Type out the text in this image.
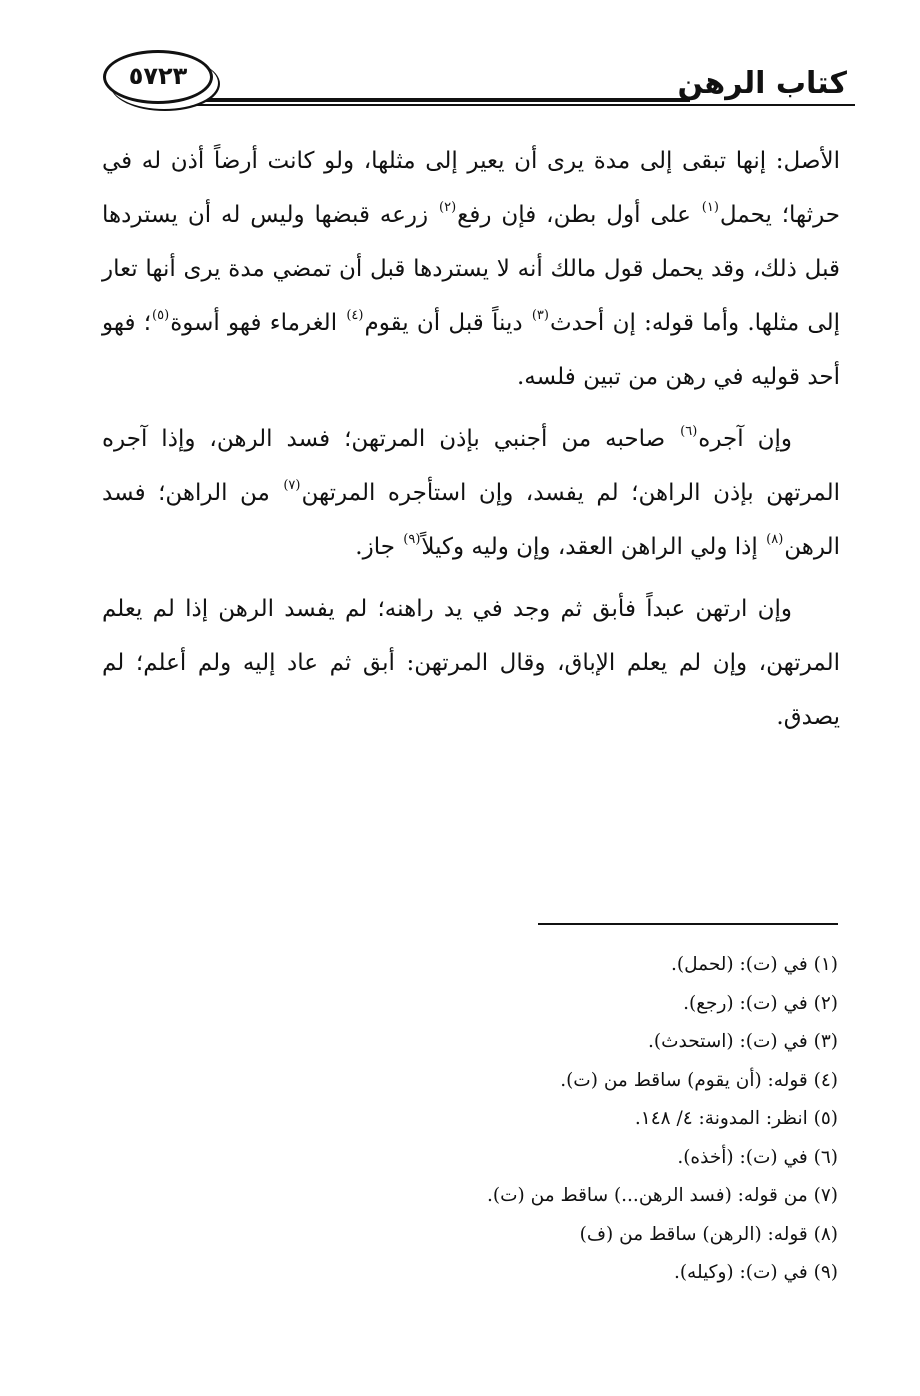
٥٧٢٣	كتاب الرهن

الأصل: إنها تبقى إلى مدة يرى أن يعير إلى مثلها، ولو كانت أرضاً أذن له في حرثها؛ يحمل$^{(١)}$ على أول بطن، فإن رفع$^{(٢)}$ زرعه قبضها وليس له أن يستردها قبل ذلك، وقد يحمل قول مالك أنه لا يستردها قبل أن تمضي مدة يرى أنها تعار إلى مثلها. وأما قوله: إن أحدث$^{(٣)}$ ديناً قبل أن يقوم$^{(٤)}$ الغرماء فهو أسوة$^{(٥)}$؛ فهو أحد قوليه في رهن من تبين فلسه.

وإن آجره$^{(٦)}$ صاحبه من أجنبي بإذن المرتهن؛ فسد الرهن، وإذا آجره المرتهن بإذن الراهن؛ لم يفسد، وإن استأجره المرتهن$^{(٧)}$ من الراهن؛ فسد الرهن$^{(٨)}$ إذا ولي الراهن العقد، وإن وليه وكيلاً$^{(٩)}$ جاز.

وإن ارتهن عبداً فأبق ثم وجد في يد راهنه؛ لم يفسد الرهن إذا لم يعلم المرتهن، وإن لم يعلم الإباق، وقال المرتهن: أبق ثم عاد إليه ولم أعلم؛ لم يصدق.

(١) في (ت): (لحمل).
(٢) في (ت): (رجع).
(٣) في (ت): (استحدث).
(٤) قوله: (أن يقوم) ساقط من (ت).
(٥) انظر: المدونة: ٤/ ١٤٨.
(٦) في (ت): (أخذه).
(٧) من قوله: (فسد الرهن...) ساقط من (ت).
(٨) قوله: (الرهن) ساقط من (ف)
(٩) في (ت): (وكيله).
